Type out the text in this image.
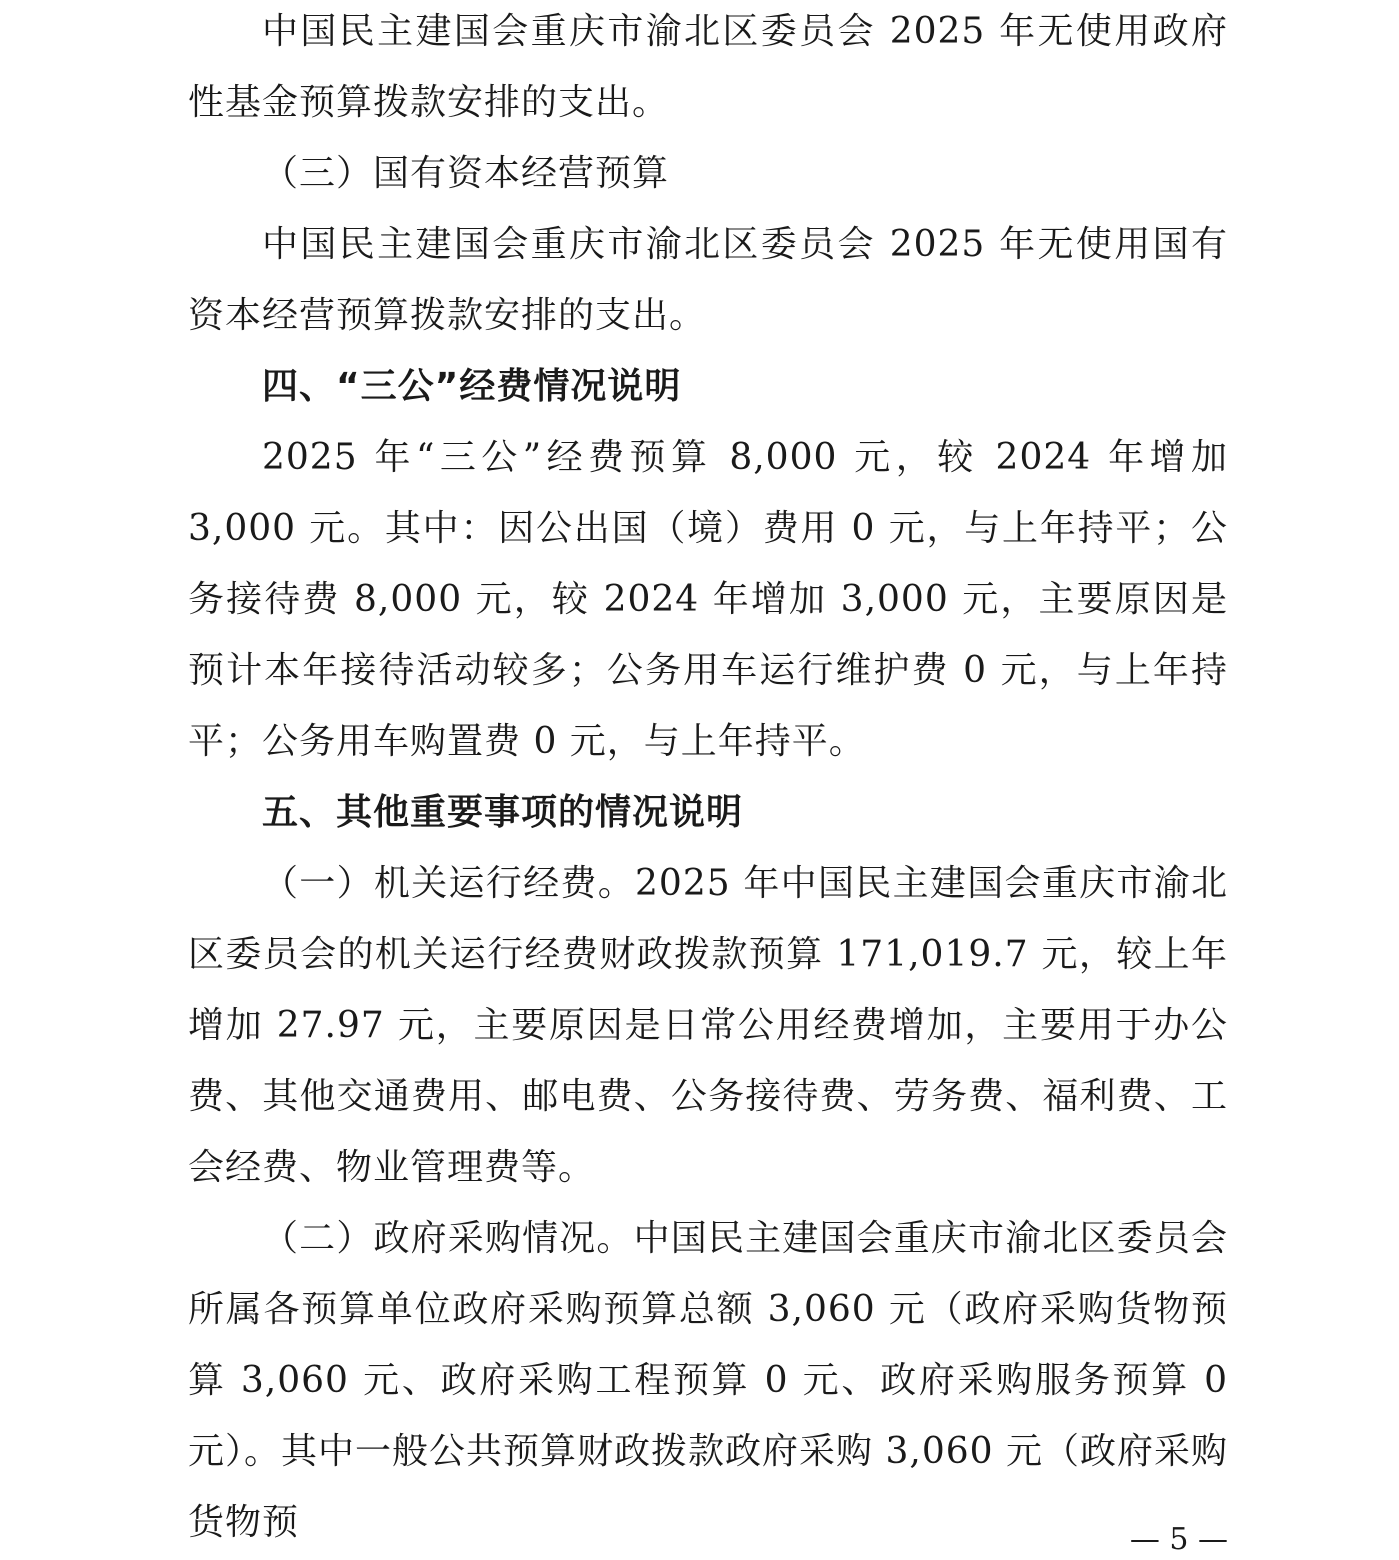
中国民主建国会重庆市渝北区委员会 2025 年无使用政府性基金预算拨款安排的支出。

（三）国有资本经营预算

中国民主建国会重庆市渝北区委员会 2025 年无使用国有资本经营预算拨款安排的支出。

四、“三公”经费情况说明

2025 年“三公”经费预算 8,000 元，较 2024 年增加 3,000 元。其中：因公出国（境）费用 0 元，与上年持平；公务接待费 8,000 元，较 2024 年增加 3,000 元，主要原因是预计本年接待活动较多；公务用车运行维护费 0 元，与上年持平；公务用车购置费 0 元，与上年持平。

五、其他重要事项的情况说明

（一）机关运行经费。2025 年中国民主建国会重庆市渝北区委员会的机关运行经费财政拨款预算 171,019.7 元，较上年增加 27.97 元，主要原因是日常公用经费增加，主要用于办公费、其他交通费用、邮电费、公务接待费、劳务费、福利费、工会经费、物业管理费等。

（二）政府采购情况。中国民主建国会重庆市渝北区委员会所属各预算单位政府采购预算总额 3,060 元（政府采购货物预算 3,060 元、政府采购工程预算 0 元、政府采购服务预算 0 元）。其中一般公共预算财政拨款政府采购 3,060 元（政府采购货物预	— 5 —
